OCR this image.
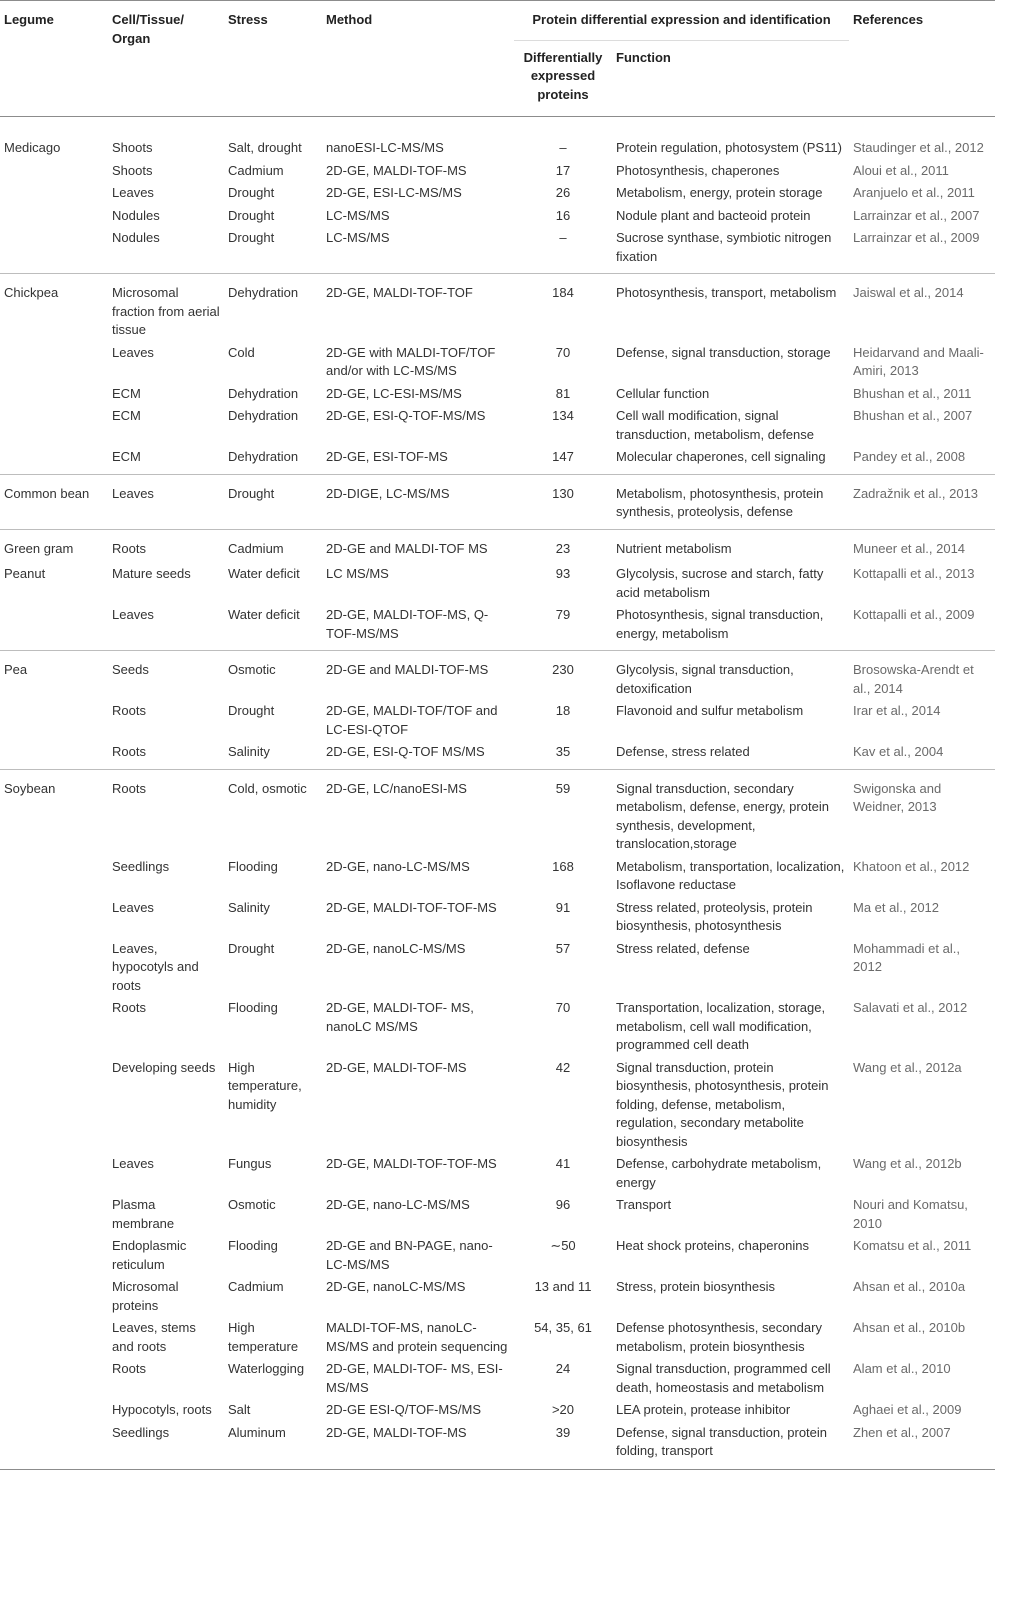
Legume	Cell/Tissue/ Organ	Stress	Method	Protein differential expression and identification		References
				Differentially expressed proteins	Function	
Medicago	Shoots	Salt, drought	nanoESI-LC-MS/MS	–	Protein regulation, photosystem (PS11)	Staudinger et al., 2012
	Shoots	Cadmium	2D-GE, MALDI-TOF-MS	17	Photosynthesis, chaperones	Aloui et al., 2011
	Leaves	Drought	2D-GE, ESI-LC-MS/MS	26	Metabolism, energy, protein storage	Aranjuelo et al., 2011
	Nodules	Drought	LC-MS/MS	16	Nodule plant and bacteoid protein	Larrainzar et al., 2007
	Nodules	Drought	LC-MS/MS	–	Sucrose synthase, symbiotic nitrogen fixation	Larrainzar et al., 2009
Chickpea	Microsomal fraction from aerial tissue	Dehydration	2D-GE, MALDI-TOF-TOF	184	Photosynthesis, transport, metabolism	Jaiswal et al., 2014
	Leaves	Cold	2D-GE with MALDI-TOF/TOF and/or with LC-MS/MS	70	Defense, signal transduction, storage	Heidarvand and Maali-Amiri, 2013
	ECM	Dehydration	2D-GE, LC-ESI-MS/MS	81	Cellular function	Bhushan et al., 2011
	ECM	Dehydration	2D-GE, ESI-Q-TOF-MS/MS	134	Cell wall modification, signal transduction, metabolism, defense	Bhushan et al., 2007
	ECM	Dehydration	2D-GE, ESI-TOF-MS	147	Molecular chaperones, cell signaling	Pandey et al., 2008
Common bean	Leaves	Drought	2D-DIGE, LC-MS/MS	130	Metabolism, photosynthesis, protein synthesis, proteolysis, defense	Zadražnik et al., 2013
Green gram	Roots	Cadmium	2D-GE and MALDI-TOF MS	23	Nutrient metabolism	Muneer et al., 2014
Peanut	Mature seeds	Water deficit	LC MS/MS	93	Glycolysis, sucrose and starch, fatty acid metabolism	Kottapalli et al., 2013
	Leaves	Water deficit	2D-GE, MALDI-TOF-MS, Q-TOF-MS/MS	79	Photosynthesis, signal transduction, energy, metabolism	Kottapalli et al., 2009
Pea	Seeds	Osmotic	2D-GE and MALDI-TOF-MS	230	Glycolysis, signal transduction, detoxification	Brosowska-Arendt et al., 2014
	Roots	Drought	2D-GE, MALDI-TOF/TOF and LC-ESI-QTOF	18	Flavonoid and sulfur metabolism	Irar et al., 2014
	Roots	Salinity	2D-GE, ESI-Q-TOF MS/MS	35	Defense, stress related	Kav et al., 2004
Soybean	Roots	Cold, osmotic	2D-GE, LC/nanoESI-MS	59	Signal transduction, secondary metabolism, defense, energy, protein synthesis, development, translocation,storage	Swigonska and Weidner, 2013
	Seedlings	Flooding	2D-GE, nano-LC-MS/MS	168	Metabolism, transportation, localization, Isoflavone reductase	Khatoon et al., 2012
	Leaves	Salinity	2D-GE, MALDI-TOF-TOF-MS	91	Stress related, proteolysis, protein biosynthesis, photosynthesis	Ma et al., 2012
	Leaves, hypocotyls and roots	Drought	2D-GE, nanoLC-MS/MS	57	Stress related, defense	Mohammadi et al., 2012
	Roots	Flooding	2D-GE, MALDI-TOF- MS, nanoLC MS/MS	70	Transportation, localization, storage, metabolism, cell wall modification, programmed cell death	Salavati et al., 2012
	Developing seeds	High temperature, humidity	2D-GE, MALDI-TOF-MS	42	Signal transduction, protein biosynthesis, photosynthesis, protein folding, defense, metabolism, regulation, secondary metabolite biosynthesis	Wang et al., 2012a
	Leaves	Fungus	2D-GE, MALDI-TOF-TOF-MS	41	Defense, carbohydrate metabolism, energy	Wang et al., 2012b
	Plasma membrane	Osmotic	2D-GE, nano-LC-MS/MS	96	Transport	Nouri and Komatsu, 2010
	Endoplasmic reticulum	Flooding	2D-GE and BN-PAGE, nano-LC-MS/MS	∼50	Heat shock proteins, chaperonins	Komatsu et al., 2011
	Microsomal proteins	Cadmium	2D-GE, nanoLC-MS/MS	13 and 11	Stress, protein biosynthesis	Ahsan et al., 2010a
	Leaves, stems and roots	High temperature	MALDI-TOF-MS, nanoLC-MS/MS and protein sequencing	54, 35, 61	Defense photosynthesis, secondary metabolism, protein biosynthesis	Ahsan et al., 2010b
	Roots	Waterlogging	2D-GE, MALDI-TOF- MS, ESI-MS/MS	24	Signal transduction, programmed cell death, homeostasis and metabolism	Alam et al., 2010
	Hypocotyls, roots	Salt	2D-GE ESI-Q/TOF-MS/MS	>20	LEA protein, protease inhibitor	Aghaei et al., 2009
	Seedlings	Aluminum	2D-GE, MALDI-TOF-MS	39	Defense, signal transduction, protein folding, transport	Zhen et al., 2007
